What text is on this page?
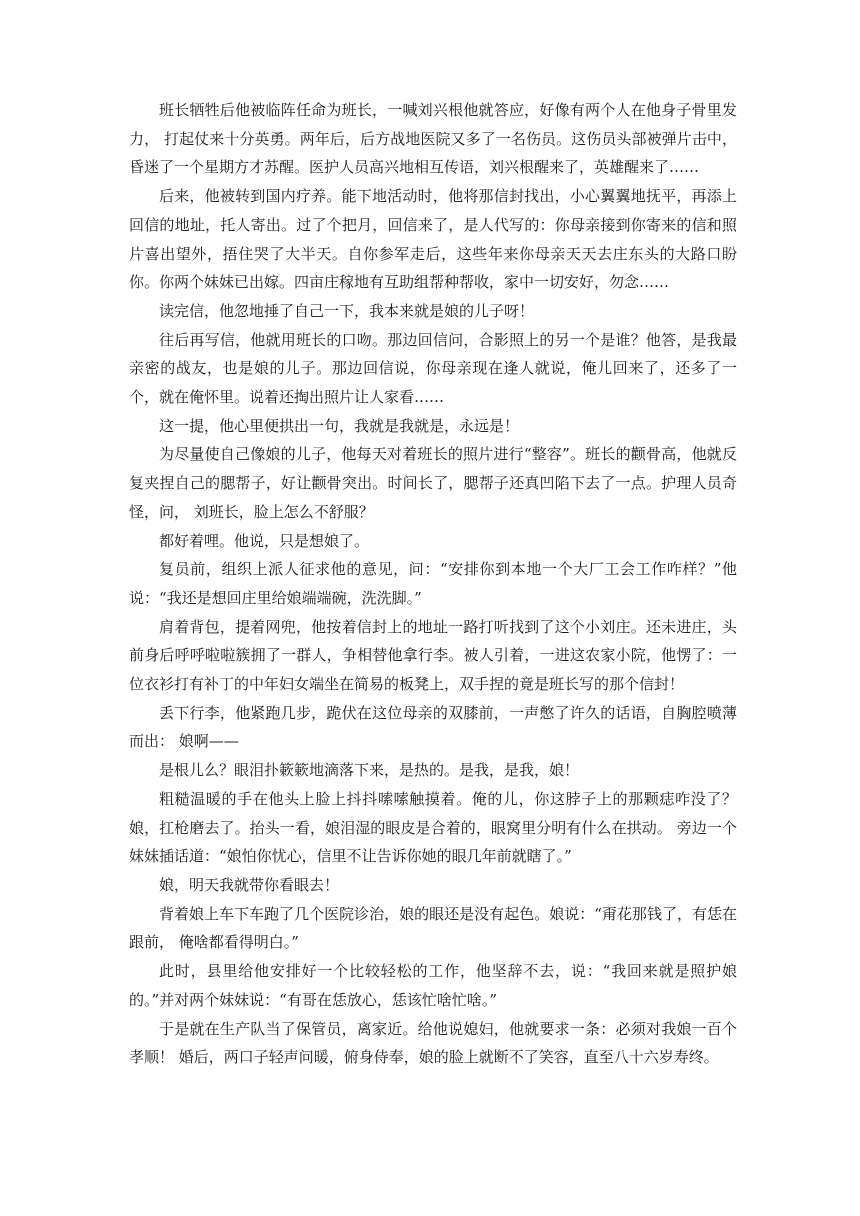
班长牺牲后他被临阵任命为班长，一喊刘兴根他就答应，好像有两个人在他身子骨里发力， 打起仗来十分英勇。两年后，后方战地医院又多了一名伤员。这伤员头部被弹片击中，昏迷了一个星期方才苏醒。医护人员高兴地相互传语，刘兴根醒来了，英雄醒来了……

后来，他被转到国内疗养。能下地活动时，他将那信封找出，小心翼翼地抚平，再添上回信的地址，托人寄出。过了个把月，回信来了，是人代写的：你母亲接到你寄来的信和照片喜出望外，捂住哭了大半天。自你参军走后，这些年来你母亲天天去庄东头的大路口盼你。你两个妹妹已出嫁。四亩庄稼地有互助组帮种帮收，家中一切安好，勿念……

读完信，他忽地捶了自己一下，我本来就是娘的儿子呀！

往后再写信，他就用班长的口吻。那边回信问，合影照上的另一个是谁？他答，是我最亲密的战友，也是娘的儿子。那边回信说，你母亲现在逢人就说，俺儿回来了，还多了一个，就在俺怀里。说着还掏出照片让人家看……

这一提，他心里便拱出一句，我就是我就是，永远是！

为尽量使自己像娘的儿子，他每天对着班长的照片进行“整容”。班长的颧骨高，他就反复夹捏自己的腮帮子，好让颧骨突出。时间长了，腮帮子还真凹陷下去了一点。护理人员奇怪，问， 刘班长，脸上怎么不舒服？

都好着哩。他说，只是想娘了。

复员前，组织上派人征求他的意见，问：“安排你到本地一个大厂工会工作咋样？”他说：“我还是想回庄里给娘端端碗，洗洗脚。”

肩着背包，提着网兜，他按着信封上的地址一路打听找到了这个小刘庄。还未进庄，头前身后呼呼啦啦簇拥了一群人，争相替他拿行李。被人引着，一进这农家小院，他愣了：一位衣衫打有补丁的中年妇女端坐在简易的板凳上，双手捏的竟是班长写的那个信封！

丢下行李，他紧跑几步，跪伏在这位母亲的双膝前，一声憋了许久的话语，自胸腔喷薄而出： 娘啊——

是根儿么？眼泪扑簌簌地滴落下来，是热的。是我，是我，娘！

粗糙温暖的手在他头上脸上抖抖嗦嗦触摸着。俺的儿，你这脖子上的那颗痣咋没了？ 娘，扛枪磨去了。抬头一看，娘泪湿的眼皮是合着的，眼窝里分明有什么在拱动。 旁边一个妹妹插话道：“娘怕你忧心，信里不让告诉你她的眼几年前就瞎了。”

娘，明天我就带你看眼去！

背着娘上车下车跑了几个医院诊治，娘的眼还是没有起色。娘说：“甭花那钱了，有恁在跟前， 俺啥都看得明白。”

此时，县里给他安排好一个比较轻松的工作，他坚辞不去，说：“我回来就是照护娘的。”并对两个妹妹说：“有哥在恁放心，恁该忙啥忙啥。”

于是就在生产队当了保管员，离家近。给他说媳妇，他就要求一条：必须对我娘一百个孝顺！ 婚后，两口子轻声问暖，俯身侍奉，娘的脸上就断不了笑容，直至八十六岁寿终。
